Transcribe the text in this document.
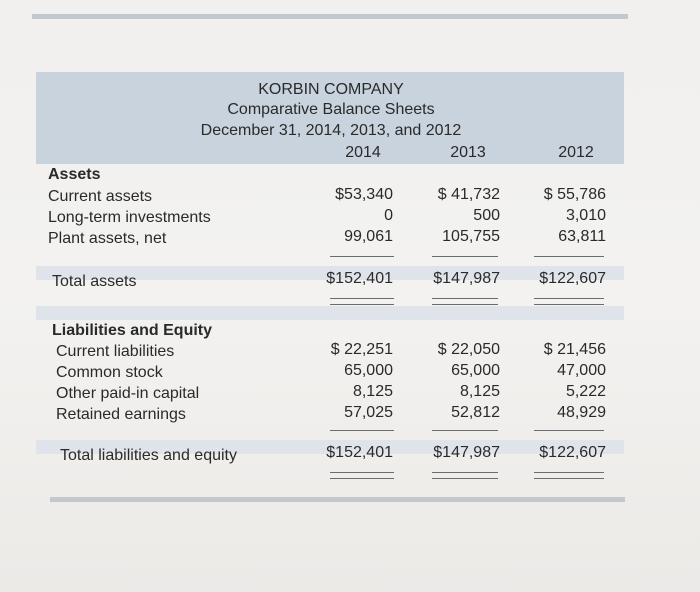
KORBIN COMPANY
Comparative Balance Sheets
December 31, 2014, 2013, and 2012
2014	2013	2012
Assets
Current assets	$53,340	$ 41,732	$ 55,786
Long-term investments	0	500	3,010
Plant assets, net	99,061	105,755	63,811
Total assets	$152,401	$147,987	$122,607
Liabilities and Equity
Current liabilities	$ 22,251	$ 22,050	$ 21,456
Common stock	65,000	65,000	47,000
Other paid-in capital	8,125	8,125	5,222
Retained earnings	57,025	52,812	48,929
Total liabilities and equity	$152,401	$147,987	$122,607
